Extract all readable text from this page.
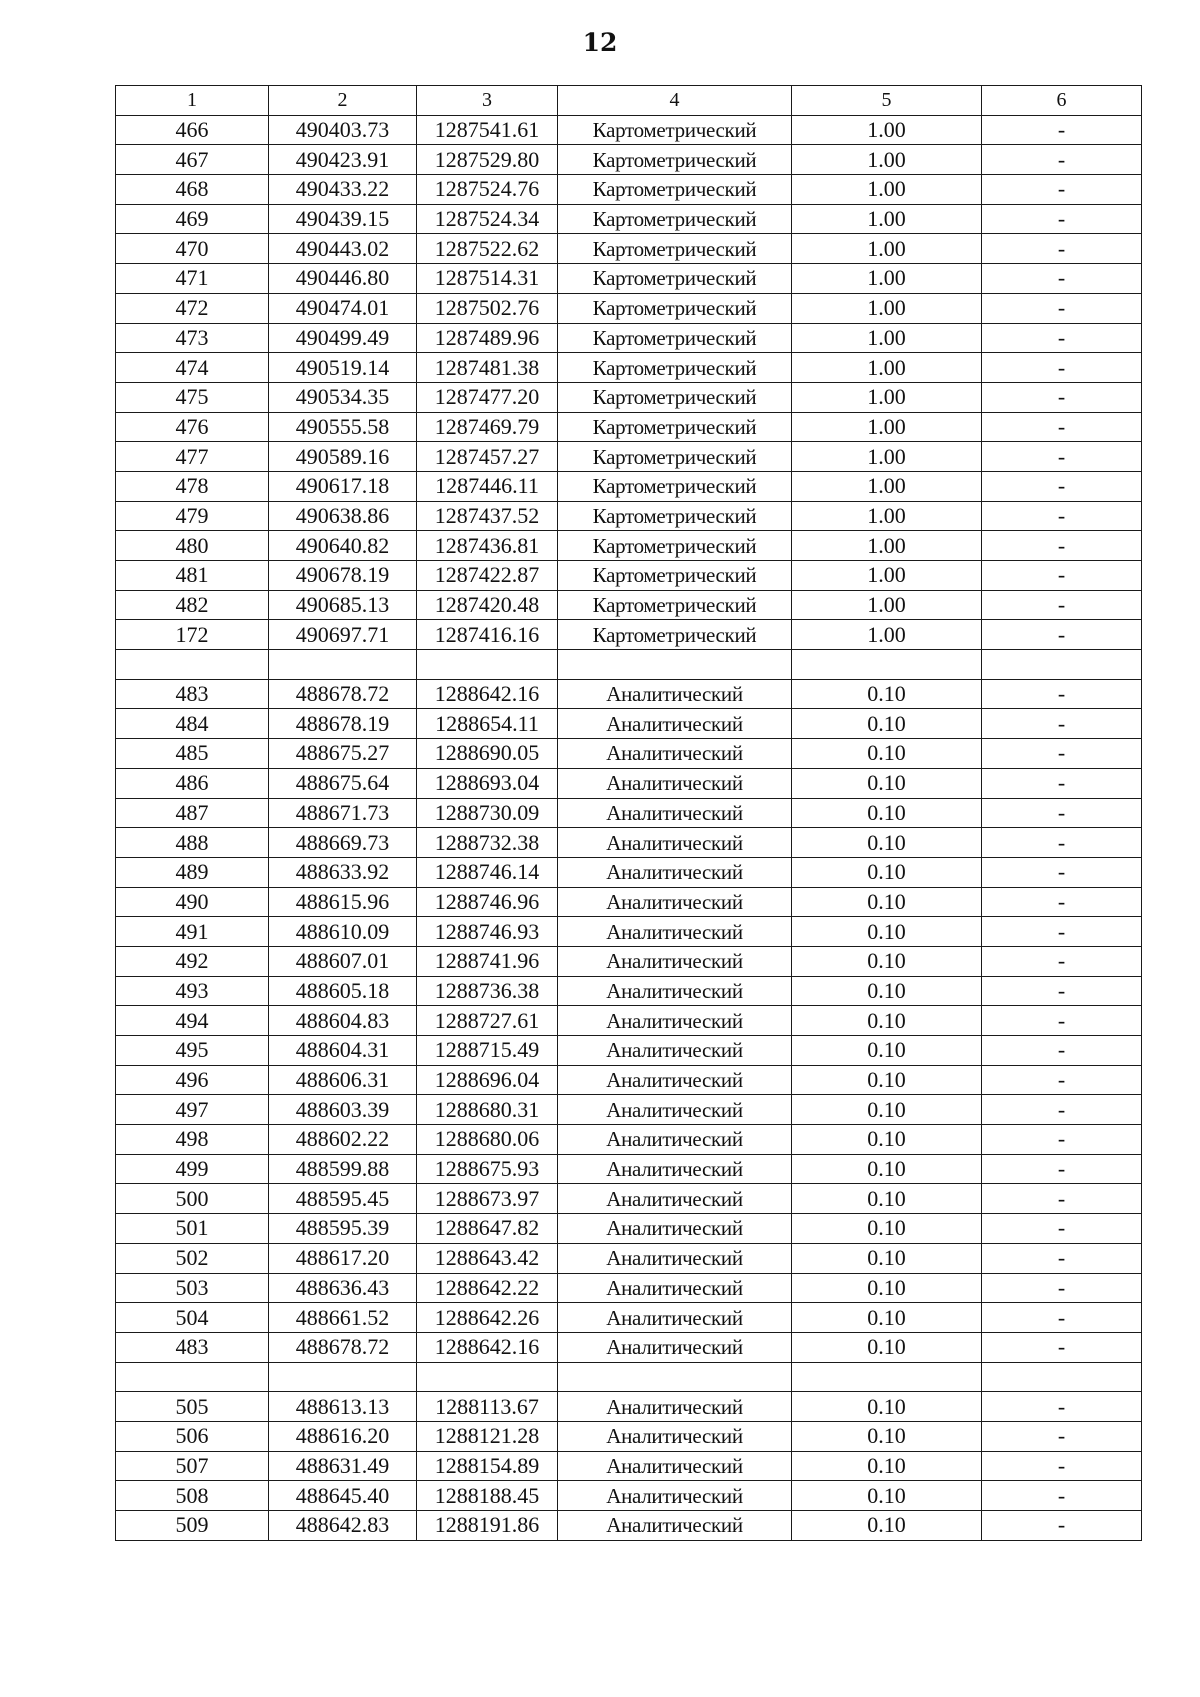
12
1	2	3	4	5	6
466	490403.73	1287541.61	Картометрический	1.00	-
467	490423.91	1287529.80	Картометрический	1.00	-
468	490433.22	1287524.76	Картометрический	1.00	-
469	490439.15	1287524.34	Картометрический	1.00	-
470	490443.02	1287522.62	Картометрический	1.00	-
471	490446.80	1287514.31	Картометрический	1.00	-
472	490474.01	1287502.76	Картометрический	1.00	-
473	490499.49	1287489.96	Картометрический	1.00	-
474	490519.14	1287481.38	Картометрический	1.00	-
475	490534.35	1287477.20	Картометрический	1.00	-
476	490555.58	1287469.79	Картометрический	1.00	-
477	490589.16	1287457.27	Картометрический	1.00	-
478	490617.18	1287446.11	Картометрический	1.00	-
479	490638.86	1287437.52	Картометрический	1.00	-
480	490640.82	1287436.81	Картометрический	1.00	-
481	490678.19	1287422.87	Картометрический	1.00	-
482	490685.13	1287420.48	Картометрический	1.00	-
172	490697.71	1287416.16	Картометрический	1.00	-

483	488678.72	1288642.16	Аналитический	0.10	-
484	488678.19	1288654.11	Аналитический	0.10	-
485	488675.27	1288690.05	Аналитический	0.10	-
486	488675.64	1288693.04	Аналитический	0.10	-
487	488671.73	1288730.09	Аналитический	0.10	-
488	488669.73	1288732.38	Аналитический	0.10	-
489	488633.92	1288746.14	Аналитический	0.10	-
490	488615.96	1288746.96	Аналитический	0.10	-
491	488610.09	1288746.93	Аналитический	0.10	-
492	488607.01	1288741.96	Аналитический	0.10	-
493	488605.18	1288736.38	Аналитический	0.10	-
494	488604.83	1288727.61	Аналитический	0.10	-
495	488604.31	1288715.49	Аналитический	0.10	-
496	488606.31	1288696.04	Аналитический	0.10	-
497	488603.39	1288680.31	Аналитический	0.10	-
498	488602.22	1288680.06	Аналитический	0.10	-
499	488599.88	1288675.93	Аналитический	0.10	-
500	488595.45	1288673.97	Аналитический	0.10	-
501	488595.39	1288647.82	Аналитический	0.10	-
502	488617.20	1288643.42	Аналитический	0.10	-
503	488636.43	1288642.22	Аналитический	0.10	-
504	488661.52	1288642.26	Аналитический	0.10	-
483	488678.72	1288642.16	Аналитический	0.10	-

505	488613.13	1288113.67	Аналитический	0.10	-
506	488616.20	1288121.28	Аналитический	0.10	-
507	488631.49	1288154.89	Аналитический	0.10	-
508	488645.40	1288188.45	Аналитический	0.10	-
509	488642.83	1288191.86	Аналитический	0.10	-
